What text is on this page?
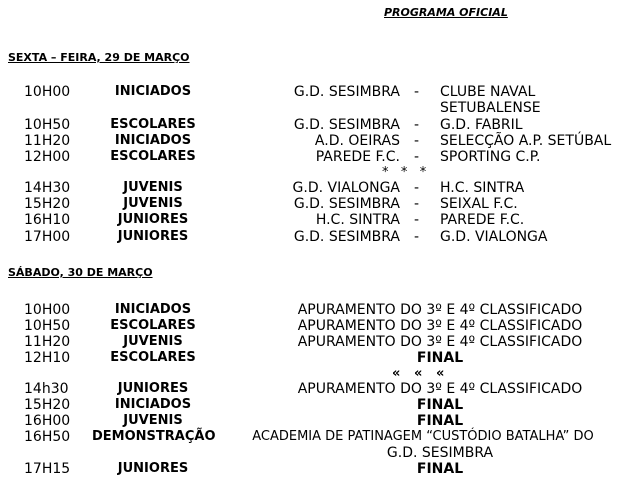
PROGRAMA OFICIAL
SEXTA – FEIRA, 29 DE MARÇO
10H00	INICIADOS	G.D. SESIMBRA - CLUBE NAVAL
SETUBALENSE
10H50	ESCOLARES	G.D. SESIMBRA - G.D. FABRIL
11H20	INICIADOS	A.D. OEIRAS - SELECÇÃO A.P. SETÚBAL
12H00	ESCOLARES	PAREDE F.C. - SPORTING C.P.
*   *   *
14H30	JUVENIS	G.D. VIALONGA - H.C. SINTRA
15H20	JUVENIS	G.D. SESIMBRA - SEIXAL F.C.
16H10	JUNIORES	H.C. SINTRA - PAREDE F.C.
17H00	JUNIORES	G.D. SESIMBRA - G.D. VIALONGA
SÁBADO, 30 DE MARÇO
10H00	INICIADOS	APURAMENTO DO 3º E 4º CLASSIFICADO
10H50	ESCOLARES	APURAMENTO DO 3º E 4º CLASSIFICADO
11H20	JUVENIS	APURAMENTO DO 3º E 4º CLASSIFICADO
12H10	ESCOLARES	FINAL
«   «   «
14h30	JUNIORES	APURAMENTO DO 3º E 4º CLASSIFICADO
15H20	INICIADOS	FINAL
16H00	JUVENIS	FINAL
16H50 DEMONSTRAÇÃO	ACADEMIA DE PATINAGEM “CUSTÓDIO BATALHA” DO
G.D. SESIMBRA
17H15	JUNIORES	FINAL
